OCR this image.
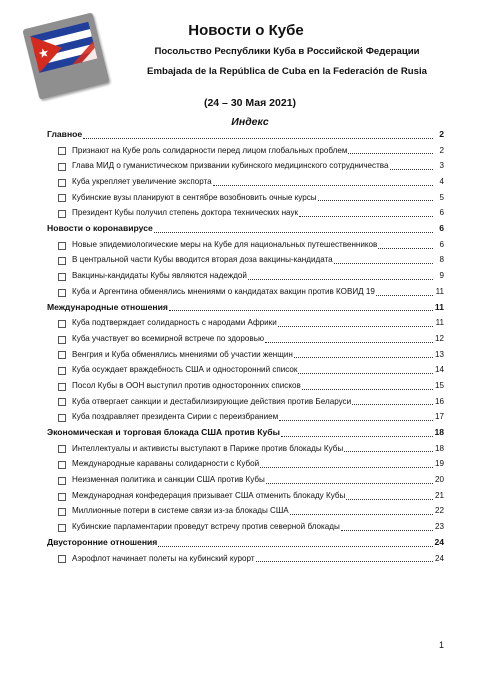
Новости о Кубе
Посольство Республики Куба в Российской Федерации
Embajada de la República de Cuba en la Federación de Rusia
(24 – 30 Мая 2021)
Индекс
Главное	2
Признают на Кубе роль солидарности перед лицом глобальных проблем	2
Глава МИД о гуманистическом призвании кубинского медицинского сотрудничества	3
Куба укрепляет увеличение экспорта	4
Кубинские вузы планируют в сентябре возобновить очные курсы	5
Президент Кубы получил степень доктора технических наук	6
Новости о коронавирусе	6
Новые эпидемиологические меры на Кубе для национальных путешественников	6
В центральной части Кубы вводится вторая доза вакцины-кандидата	8
Вакцины-кандидаты Кубы являются надеждой	9
Куба и Аргентина обменялись мнениями о кандидатах вакцин против КОВИД 19	11
Международные отношения	11
Куба подтверждает солидарность с народами Африки	11
Куба участвует во всемирной встрече по здоровью	12
Венгрия и Куба обменялись мнениями об участии женщин	13
Куба осуждает враждебность США и односторонний список	14
Посол Кубы в ООН выступил против односторонних списков	15
Куба отвергает санкции и дестабилизирующие действия против Беларуси	16
Куба поздравляет президента Сирии с переизбранием	17
Экономическая и торговая блокада США против Кубы	18
Интеллектуалы и активисты выступают в Париже против блокады Кубы	18
Международные караваны солидарности с Кубой	19
Неизменная политика и санкции США против Кубы	20
Международная конфедерация призывает США отменить блокаду Кубы	21
Миллионные потери в системе связи из-за блокады США	22
Кубинские парламентарии проведут встречу против северной блокады	23
Двусторонние отношения	24
Аэрофлот начинает полеты на кубинский курорт	24
1
